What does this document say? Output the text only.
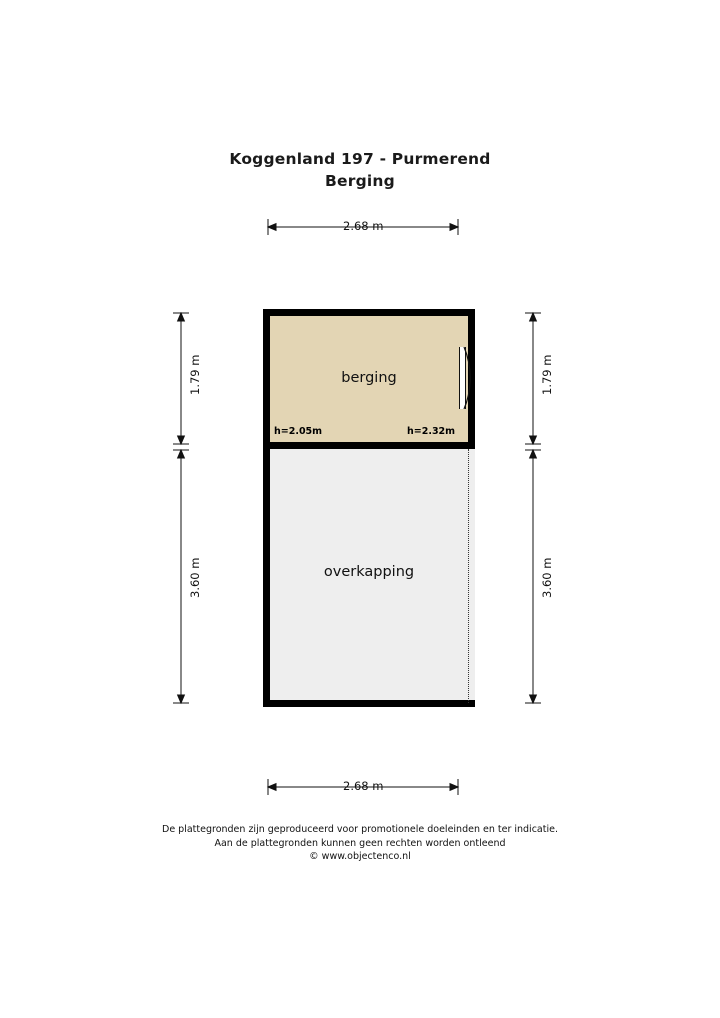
Koggenland 197 - Purmerend
Berging
berging
overkapping
h=2.05m	h=2.32m
2.68 m
2.68 m
1.79 m
3.60 m
1.79 m
3.60 m
De plattegronden zijn geproduceerd voor promotionele doeleinden en ter indicatie.
Aan de plattegronden kunnen geen rechten worden ontleend
© www.objectenco.nl
